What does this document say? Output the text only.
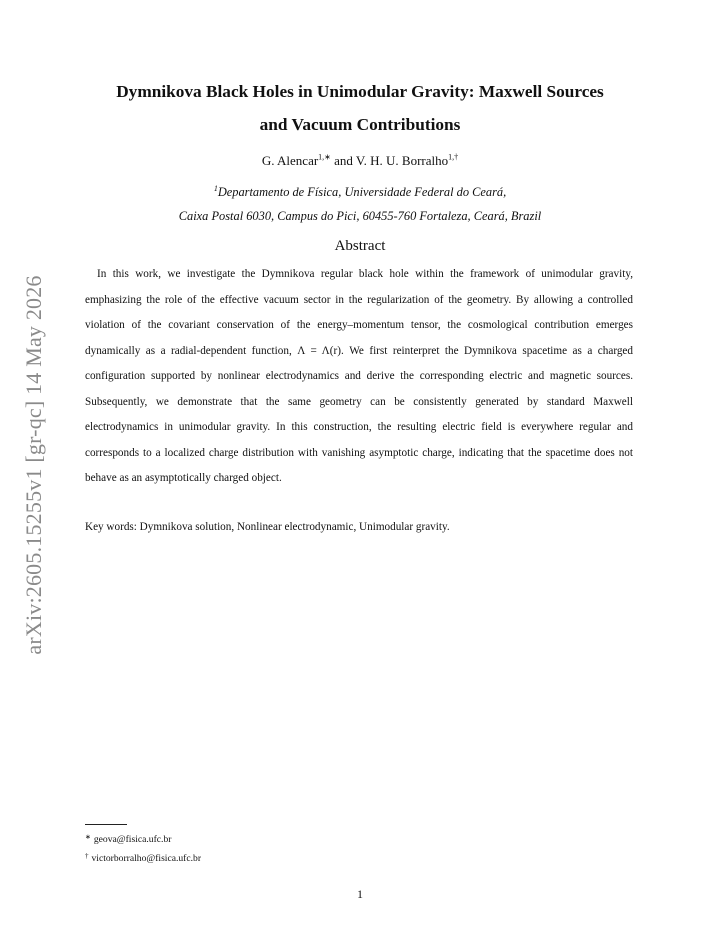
arXiv:2605.15255v1 [gr-qc] 14 May 2026
Dymnikova Black Holes in Unimodular Gravity: Maxwell Sources
and Vacuum Contributions
G. Alencar$^{1,∗}$ and V. H. U. Borralho$^{1,\dagger}$
$^1$Departamento de Física, Universidade Federal do Ceará,
Caixa Postal 6030, Campus do Pici, 60455-760 Fortaleza, Ceará, Brazil
Abstract
In this work, we investigate the Dymnikova regular black hole within the framework of unimodular gravity, emphasizing the role of the effective vacuum sector in the regularization of the geometry. By allowing a controlled violation of the covariant conservation of the energy–momentum tensor, the cosmological contribution emerges dynamically as a radial-dependent function, Λ = Λ(r). We first reinterpret the Dymnikova spacetime as a charged configuration supported by nonlinear electrodynamics and derive the corresponding electric and magnetic sources. Subsequently, we demonstrate that the same geometry can be consistently generated by standard Maxwell electrodynamics in unimodular gravity. In this construction, the resulting electric field is everywhere regular and corresponds to a localized charge distribution with vanishing asymptotic charge, indicating that the spacetime does not behave as an asymptotically charged object.
Key words: Dymnikova solution, Nonlinear electrodynamic, Unimodular gravity.
∗ geova@fisica.ufc.br
† victorborralho@fisica.ufc.br
1
